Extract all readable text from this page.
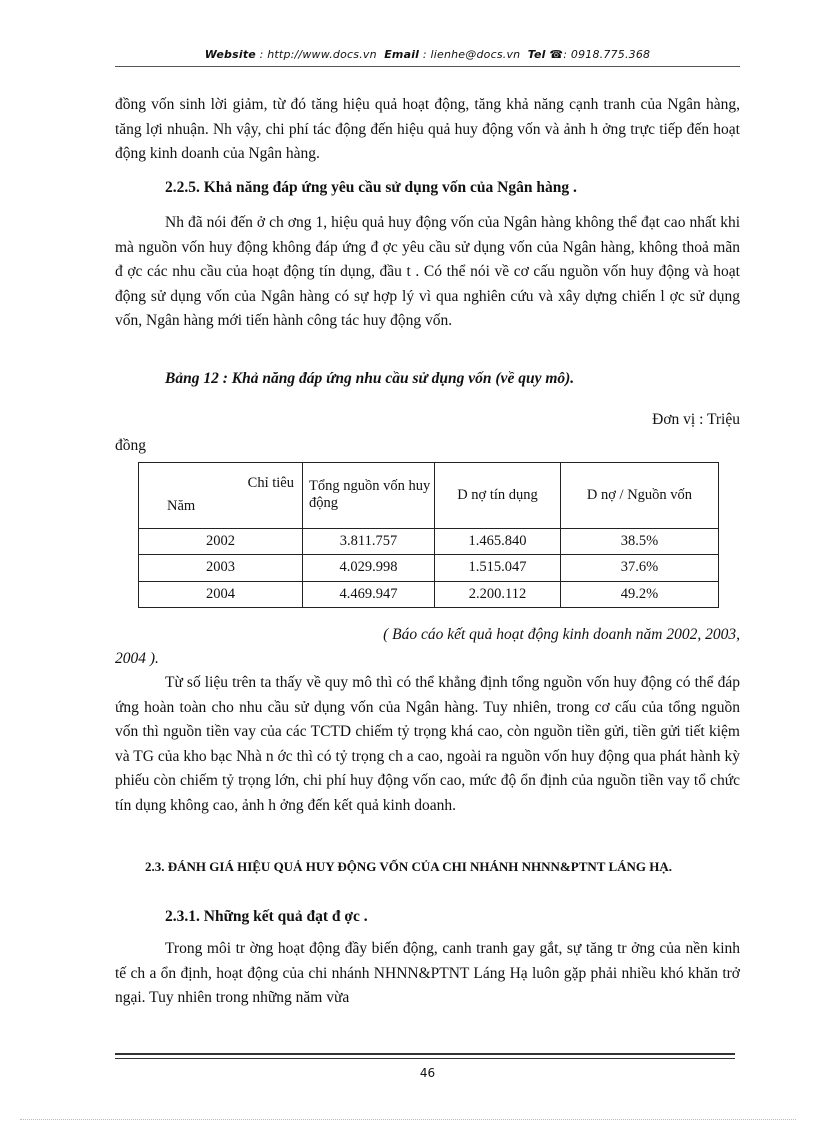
Website : http://www.docs.vn Email : lienhe@docs.vn Tel ☎: 0918.775.368
đồng vốn sinh lời giảm, từ đó tăng hiệu quả hoạt động, tăng khả năng cạnh tranh của Ngân hàng, tăng lợi nhuận. Nh vậy, chi phí tác động đến hiệu quả huy động vốn và ảnh h ởng trực tiếp đến hoạt động kinh doanh của Ngân hàng.
2.2.5. Khả năng đáp ứng yêu cầu sử dụng vốn của Ngân hàng .
Nh đã nói đến ở ch ơng 1, hiệu quả huy động vốn của Ngân hàng không thể đạt cao nhất khi mà nguồn vốn huy động không đáp ứng đ ợc yêu cầu sử dụng vốn của Ngân hàng, không thoả mãn đ ợc các nhu cầu của hoạt động tín dụng, đầu t . Có thể nói về cơ cấu nguồn vốn huy động và hoạt động sử dụng vốn của Ngân hàng có sự hợp lý vì qua nghiên cứu và xây dựng chiến l ợc sử dụng vốn, Ngân hàng mới tiến hành công tác huy động vốn.
Bảng 12 : Khả năng đáp ứng nhu cầu sử dụng vốn (về quy mô).
Đơn vị : Triệu
đồng
Chỉ tiêu
Năm	Tổng nguồn vốn huy động	D nợ tín dụng	D nợ / Nguồn vốn
2002	3.811.757	1.465.840	38.5%
2003	4.029.998	1.515.047	37.6%
2004	4.469.947	2.200.112	49.2%
( Báo cáo kết quả hoạt động kinh doanh năm 2002, 2003,
2004 ).
Từ số liệu trên ta thấy về quy mô thì có thể khẳng định tổng nguồn vốn huy động có thể đáp ứng hoàn toàn cho nhu cầu sử dụng vốn của Ngân hàng. Tuy nhiên, trong cơ cấu của tổng nguồn vốn thì nguồn tiền vay của các TCTD chiếm tỷ trọng khá cao, còn nguồn tiền gửi, tiền gửi tiết kiệm và TG của kho bạc Nhà n ớc thì có tỷ trọng ch a cao, ngoài ra nguồn vốn huy động qua phát hành kỳ phiếu còn chiếm tỷ trọng lớn, chi phí huy động vốn cao, mức độ ổn định của nguồn tiền vay tổ chức tín dụng không cao, ảnh h ởng đến kết quả kinh doanh.
2.3. ĐÁNH GIÁ HIỆU QUẢ HUY ĐỘNG VỐN CỦA CHI NHÁNH NHNN&PTNT LÁNG HẠ.
2.3.1. Những kết quả đạt đ ợc .
Trong môi tr ờng hoạt động đầy biến động, canh tranh gay gắt, sự tăng tr ởng của nền kinh tế ch a ổn định, hoạt động của chi nhánh NHNN&PTNT Láng Hạ luôn gặp phải nhiều khó khăn trở ngại. Tuy nhiên trong những năm vừa
46
